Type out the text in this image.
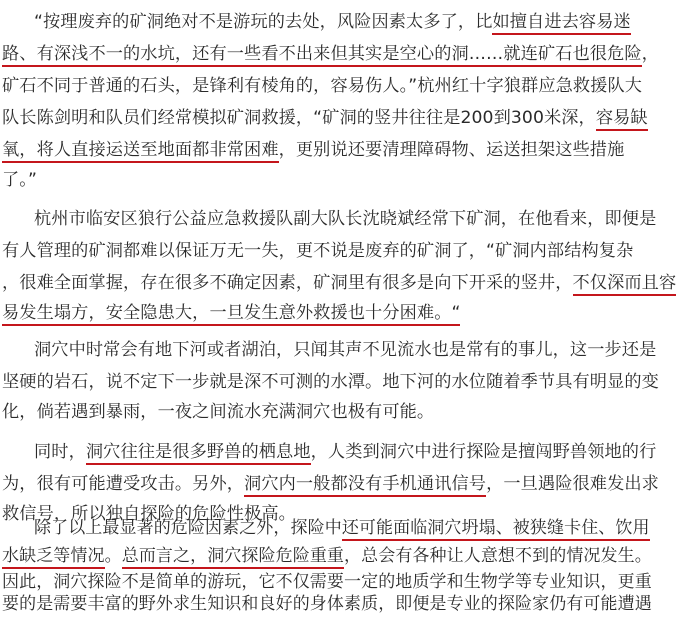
“按理废弃的矿洞绝对不是游玩的去处，风险因素太多了，比如擅自进去容易迷
路、有深浅不一的水坑，还有一些看不出来但其实是空心的洞……就连矿石也很危险，
矿石不同于普通的石头，是锋利有棱角的，容易伤人。”杭州红十字狼群应急救援队大
队长陈剑明和队员们经常模拟矿洞救援，“矿洞的竖井往往是200到300米深，容易缺
氧，将人直接运送至地面都非常困难，更别说还要清理障碍物、运送担架这些措施
了。”
杭州市临安区狼行公益应急救援队副大队长沈晓斌经常下矿洞，在他看来，即便是
有人管理的矿洞都难以保证万无一失，更不说是废弃的矿洞了，“矿洞内部结构复杂
，很难全面掌握，存在很多不确定因素，矿洞里有很多是向下开采的竖井，不仅深而且容
易发生塌方，安全隐患大，一旦发生意外救援也十分困难。“
洞穴中时常会有地下河或者湖泊，只闻其声不见流水也是常有的事儿，这一步还是
坚硬的岩石，说不定下一步就是深不可测的水潭。地下河的水位随着季节具有明显的变
化，倘若遇到暴雨，一夜之间流水充满洞穴也极有可能。
同时，洞穴往往是很多野兽的栖息地，人类到洞穴中进行探险是擅闯野兽领地的行
为，很有可能遭受攻击。另外，洞穴内一般都没有手机通讯信号，一旦遇险很难发出求
救信号，所以独自探险的危险性极高。
除了以上最显著的危险因素之外，探险中还可能面临洞穴坍塌、被狭缝卡住、饮用
水缺乏等情况。总而言之，洞穴探险危险重重，总会有各种让人意想不到的情况发生。
因此，洞穴探险不是简单的游玩，它不仅需要一定的地质学和生物学等专业知识，更重
要的是需要丰富的野外求生知识和良好的身体素质，即便是专业的探险家仍有可能遭遇
